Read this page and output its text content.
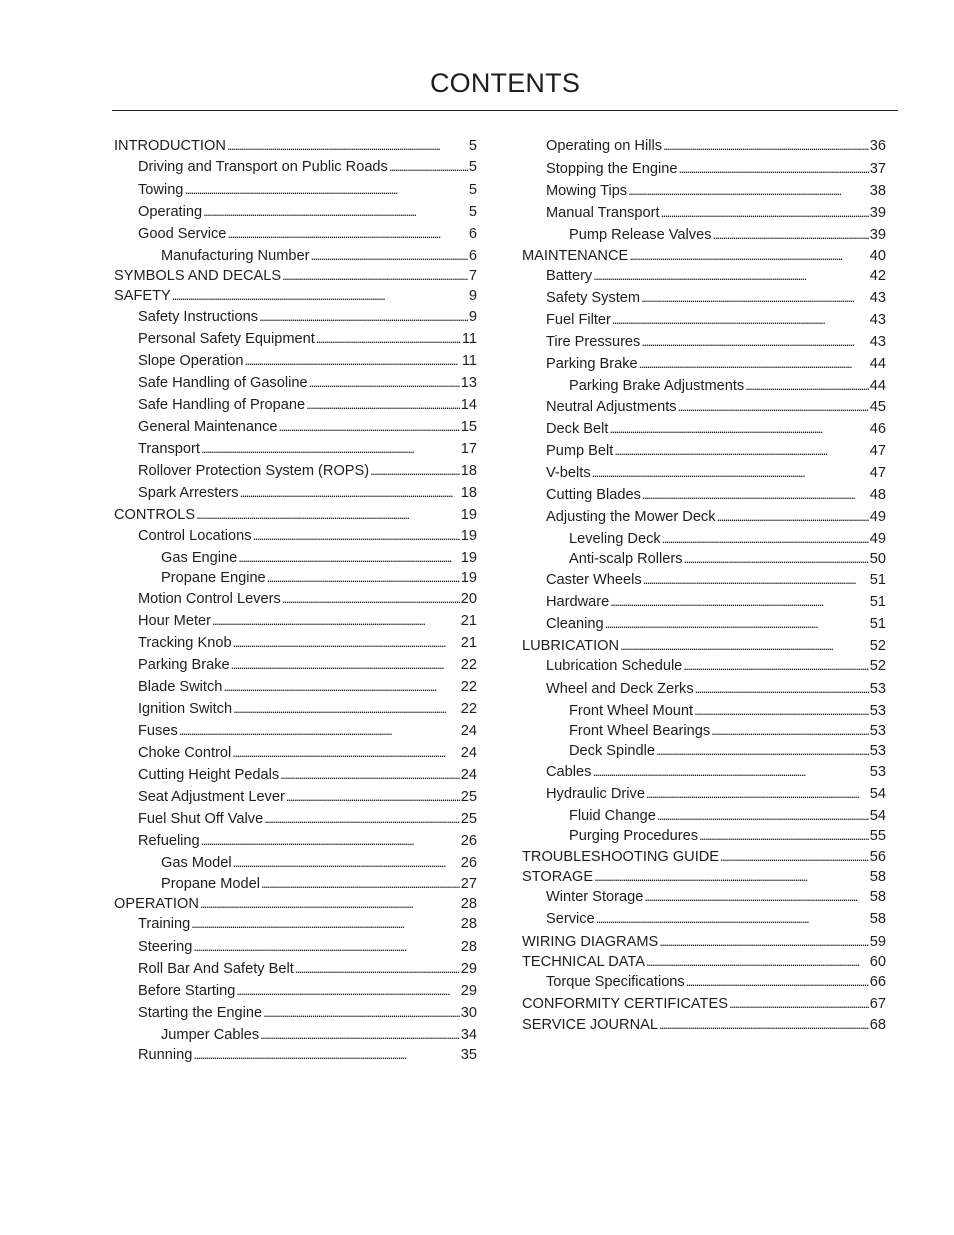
CONTENTS
INTRODUCTION . . .	5
Driving and Transport on Public Roads . . .	5
Towing . . .	5
Operating . . .	5
Good Service . . .	6
Manufacturing Number . . .	6
SYMBOLS AND DECALS . . .	7
SAFETY . . .	9
Safety Instructions . . .	9
Personal Safety Equipment . . .	11
Slope Operation . . .	11
Safe Handling of Gasoline . . .	13
Safe Handling of Propane . . .	14
General Maintenance . . .	15
Transport . . .	17
Rollover Protection System (ROPS) . . .	18
Spark Arresters . . .	18
CONTROLS . . .	19
Control Locations . . .	19
Gas Engine . . .	19
Propane Engine . . .	19
Motion Control Levers . . .	20
Hour Meter . . .	21
Tracking Knob . . .	21
Parking Brake . . .	22
Blade Switch . . .	22
Ignition Switch . . .	22
Fuses . . .	24
Choke Control . . .	24
Cutting Height Pedals . . .	24
Seat Adjustment Lever . . .	25
Fuel Shut Off Valve . . .	25
Refueling . . .	26
Gas Model . . .	26
Propane Model . . .	27
OPERATION . . .	28
Training . . .	28
Steering . . .	28
Roll Bar And Safety Belt . . .	29
Before Starting . . .	29
Starting the Engine . . .	30
Jumper Cables . . .	34
Running . . .	35
Operating on Hills . . .	36
Stopping the Engine . . .	37
Mowing Tips . . .	38
Manual Transport . . .	39
Pump Release Valves . . .	39
MAINTENANCE . . .	40
Battery . . .	42
Safety System . . .	43
Fuel Filter . . .	43
Tire Pressures . . .	43
Parking Brake . . .	44
Parking Brake Adjustments . . .	44
Neutral Adjustments . . .	45
Deck Belt . . .	46
Pump Belt . . .	47
V-belts . . .	47
Cutting Blades . . .	48
Adjusting the Mower Deck . . .	49
Leveling Deck . . .	49
Anti-scalp Rollers . . .	50
Caster Wheels . . .	51
Hardware . . .	51
Cleaning . . .	51
LUBRICATION . . .	52
Lubrication Schedule . . .	52
Wheel and Deck Zerks . . .	53
Front Wheel Mount . . .	53
Front Wheel Bearings . . .	53
Deck Spindle . . .	53
Cables . . .	53
Hydraulic Drive . . .	54
Fluid Change . . .	54
Purging Procedures . . .	55
TROUBLESHOOTING GUIDE . . .	56
STORAGE . . .	58
Winter Storage . . .	58
Service . . .	58
WIRING DIAGRAMS . . .	59
TECHNICAL DATA . . .	60
Torque Specifications . . .	66
CONFORMITY CERTIFICATES . . .	67
SERVICE JOURNAL . . .	68
